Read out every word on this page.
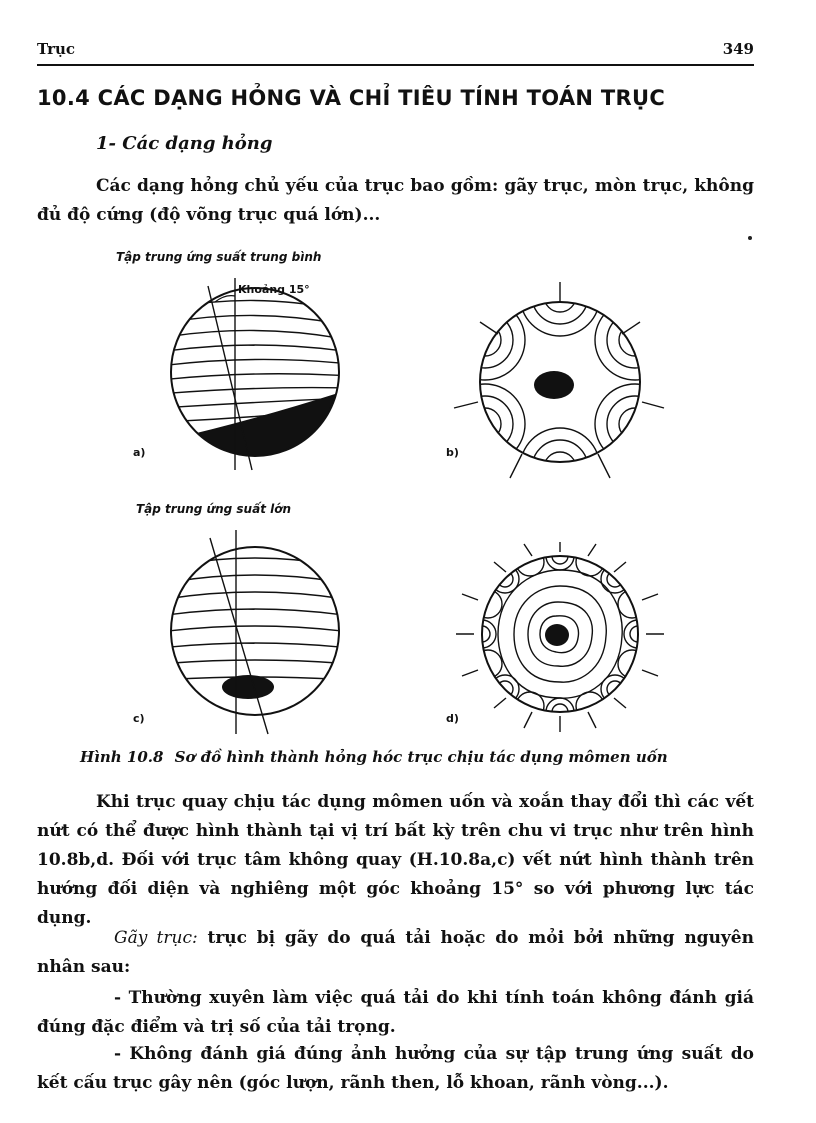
Trục	349
10.4 CÁC DẠNG HỎNG VÀ CHỈ TIÊU TÍNH TOÁN TRỤC
1- Các dạng hỏng
Các dạng hỏng chủ yếu của trục bao gồm: gãy trục, mòn trục, không đủ độ cứng (độ võng trục quá lớn)...
Tập trung ứng suất trung bình
Tập trung ứng suất lớn
Khoảng 15°
a)	b)
c)	d)
Hình 10.8 Sơ đồ hình thành hỏng hóc trục chịu tác dụng mômen uốn
Khi trục quay chịu tác dụng mômen uốn và xoắn thay đổi thì các vết nứt có thể được hình thành tại vị trí bất kỳ trên chu vi trục như trên hình 10.8b,d. Đối với trục tâm không quay (H.10.8a,c) vết nứt hình thành trên hướng đối diện và nghiêng một góc khoảng 15° so với phương lực tác dụng.
Gãy trục: trục bị gãy do quá tải hoặc do mỏi bởi những nguyên nhân sau:
- Thường xuyên làm việc quá tải do khi tính toán không đánh giá đúng đặc điểm và trị số của tải trọng.
- Không đánh giá đúng ảnh hưởng của sự tập trung ứng suất do kết cấu trục gây nên (góc lượn, rãnh then, lỗ khoan, rãnh vòng...).
